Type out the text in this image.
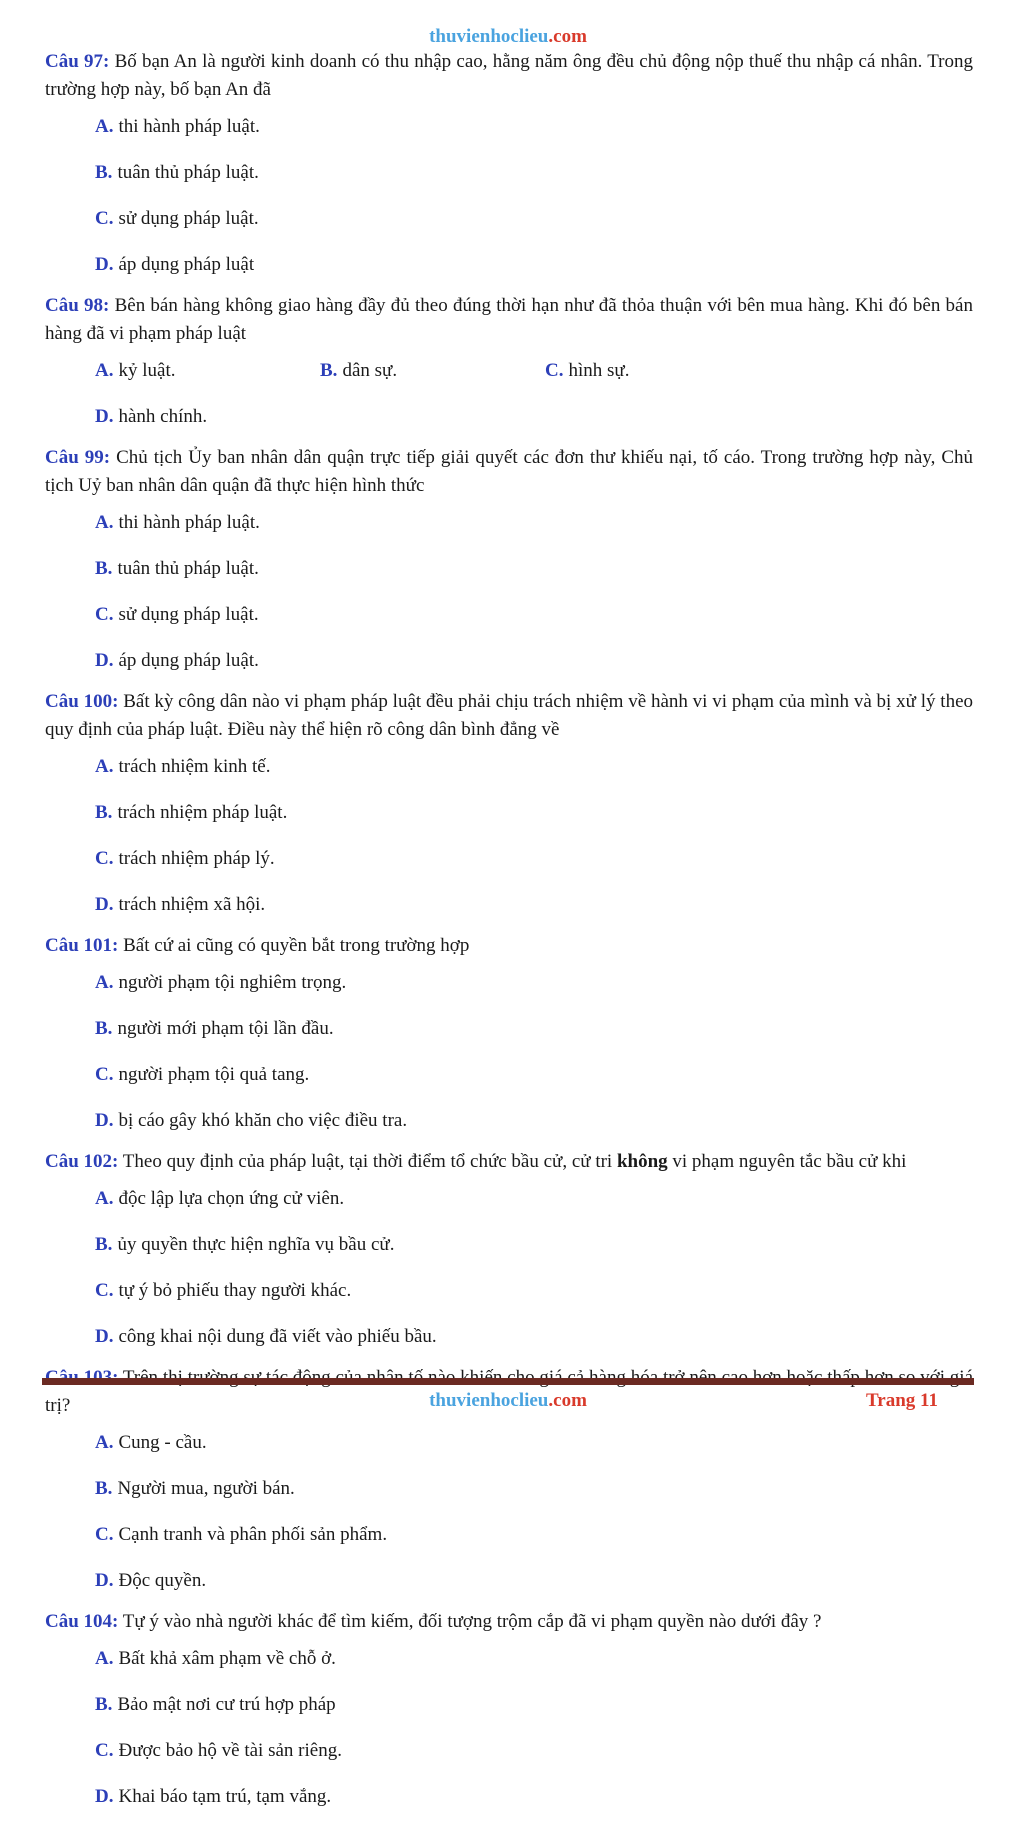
thuvienhoclieu.com

Câu 97: Bố bạn An là người kinh doanh có thu nhập cao, hằng năm ông đều chủ động nộp thuế thu nhập cá nhân. Trong trường hợp này, bố bạn An đã

A. thi hành pháp luật.
B. tuân thủ pháp luật.
C. sử dụng pháp luật.
D. áp dụng pháp luật

Câu 98: Bên bán hàng không giao hàng đầy đủ theo đúng thời hạn như đã thỏa thuận với bên mua hàng. Khi đó bên bán hàng đã vi phạm pháp luật

A. kỷ luật.	B. dân sự.	C. hình sự.
D. hành chính.

Câu 99: Chủ tịch Ủy ban nhân dân quận trực tiếp giải quyết các đơn thư khiếu nại, tố cáo. Trong trường hợp này, Chủ tịch Uỷ ban nhân dân quận đã thực hiện hình thức

A. thi hành pháp luật.
B. tuân thủ pháp luật.
C. sử dụng pháp luật.
D. áp dụng pháp luật.

Câu 100: Bất kỳ công dân nào vi phạm pháp luật đều phải chịu trách nhiệm về hành vi vi phạm của mình và bị xử lý theo quy định của pháp luật. Điều này thể hiện rõ công dân bình đẳng về

A. trách nhiệm kinh tế.
B. trách nhiệm pháp luật.
C. trách nhiệm pháp lý.
D. trách nhiệm xã hội.

Câu 101: Bất cứ ai cũng có quyền bắt trong trường hợp

A. người phạm tội nghiêm trọng.
B. người mới phạm tội lần đầu.
C. người phạm tội quả tang.
D. bị cáo gây khó khăn cho việc điều tra.

Câu 102: Theo quy định của pháp luật, tại thời điểm tổ chức bầu cử, cử tri không vi phạm nguyên tắc bầu cử khi

A. độc lập lựa chọn ứng cử viên.
B. ủy quyền thực hiện nghĩa vụ bầu cử.
C. tự ý bỏ phiếu thay người khác.
D. công khai nội dung đã viết vào phiếu bầu.

trị?

A. Cung - cầu.
B. Người mua, người bán.
C. Cạnh tranh và phân phối sản phẩm.
D. Độc quyền.

Câu 104: Tự ý vào nhà người khác để tìm kiếm, đối tượng trộm cắp đã vi phạm quyền nào dưới đây ?

A. Bất khả xâm phạm về chỗ ở.
B. Bảo mật nơi cư trú hợp pháp
C. Được bảo hộ về tài sản riêng.
D. Khai báo tạm trú, tạm vắng.
thuvienhoclieu.com	Trang 11
